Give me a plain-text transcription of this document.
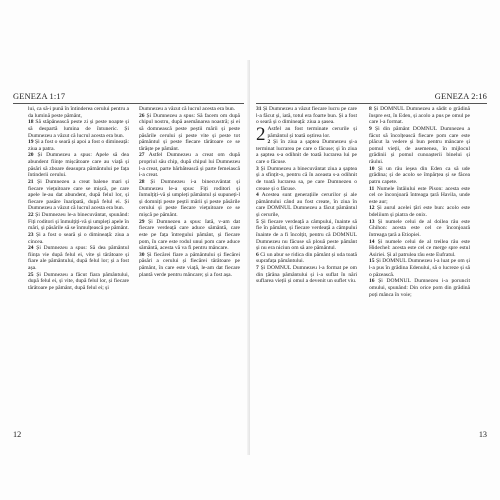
GENEZA 1:17

lui, ca să-i pună în întinderea cerului pentru a da lumină peste pământ,

18 Să stăpânească peste zi și peste noapte și să despartă lumina de întuneric. Și Dumnezeu a văzut că lucrul acesta era bun.

19 Și a fost o seară și apoi a fost o dimineață: ziua a patra.

20 Și Dumnezeu a spus: Apele să dea abundent ființe mișcătoare care au viață și păsări să zboare deasupra pământului pe fața întinderii cerului.

21 Și Dumnezeu a creat balene mari și fiecare viețuitoare care se mișcă, pe care apele le-au dat abundent, după felul lor, și fiecare pasăre înaripată, după felul ei. Și Dumnezeu a văzut că lucrul acesta era bun.

22 Și Dumnezeu le-a binecuvântat, spunând: Fiți roditori și înmulțiți-vă și umpleți apele în mări, și păsările să se înmulțească pe pământ.

23 Și a fost o seară și o dimineață: ziua a cincea.

24 Și Dumnezeu a spus: Să dea pământul ființa vie după felul ei, vite și târâtoare și fiare ale pământului, după felul lor; și a fost așa.

25 Și Dumnezeu a făcut fiara pământului, după felul ei, și vite, după felul lor, și fiecare târâtoare pe pământ, după felul ei; și

Dumnezeu a văzut că lucrul acesta era bun.

26 Și Dumnezeu a spus: Să facem om după chipul nostru, după asemănarea noastră; și ei să domnească peste peștii mării și peste păsările cerului și peste vite și peste tot pământul și peste fiecare târâtoare ce se târăște pe pământ.

27 Astfel Dumnezeu a creat om după propriul său chip, după chipul lui Dumnezeu l-a creat, parte bărbătească și parte femeiască i-a creat.

28 Și Dumnezeu i-a binecuvântat și Dumnezeu le-a spus: Fiți roditori și înmulțiți-vă și umpleți pământul și supuneți-l și domniți peste peștii mării și peste păsările cerului și peste fiecare viețuitoare ce se mișcă pe pământ.

29 Și Dumnezeu a spus: Iată, v-am dat fiecare verdeață care aduce sământă, care este pe fața întregului pământ, și fiecare pom, în care este rodul unui pom care aduce sământă, acesta vă va fi pentru mâncare.

30 Și fiecărei fiare a pământului și fiecărei păsări a cerului și fiecărei târâtoare pe pământ, în care este viață, le-am dat fiecare plantă verde pentru mâncare; și a fost așa.

12
GENEZA 2:16

31 Și Dumnezeu a văzut fiecare lucru pe care l-a făcut și, iată, totul era foarte bun. Și a fost o seară și o dimineață: ziua a șasea.

2 Astfel au fost terminate cerurile și pământul și toată oștirea lor.

2 Și în ziua a șaptea Dumnezeu și-a terminat lucrarea pe care o făcuse; și în ziua a șaptea s-a odihnit de toată lucrarea lui pe care o făcuse.

3 Și Dumnezeu a binecuvântat ziua a șaptea și a sfințit-o, pentru că în aceasta s-a odihnit de toată lucrarea sa, pe care Dumnezeu o crease și o făcuse.

4 Acestea sunt generațiile cerurilor și ale pământului când au fost create, în ziua în care DOMNUL Dumnezeu a făcut pământul și cerurile,

5 Și fiecare verdeață a câmpului, înainte să fie în pământ, și fiecare verdeață a câmpului înainte de a fi încolțit, pentru că DOMNUL Dumnezeu nu făcuse să plouă peste pământ și nu era niciun om să are pământul.

6 Ci un abur se ridica din pământ și uda toată suprafața pământului.

7 Și DOMNUL Dumnezeu l-a format pe om din țărâna pământului și i-a suflat în nări suflarea vieții și omul a devenit un suflet viu.

8 Și DOMNUL Dumnezeu a sădit o grădină înspre est, în Eden, și acolo a pus pe omul pe care l-a format.

9 Și din pământ DOMNUL Dumnezeu a făcut să încolțească fiecare pom care este plăcut la vedere și bun pentru mâncare și pomul vieții, de asemenea, în mijlocul grădinii și pomul cunoașterii binelui și răului.

10 Și un râu ieșea din Eden ca să ude grădina; și de acolo se împărțea și se făcea patru capete.

11 Numele întâiului este Pison: acesta este cel ce înconjoară întreaga țară Havila, unde este aur;

12 Și aurul acelei țări este bun: acolo este bdeliium și piatra de onix.

13 Și numele celui de al doilea râu este Ghihon: acesta este cel ce înconjoară întreaga țară a Etiopiei.

14 Și numele celui de al treilea râu este Hidechel: acesta este cel ce merge spre estul Asiriei. Și al patrulea râu este Eufratul.

15 Și DOMNUL Dumnezeu l-a luat pe om și l-a pus în grădina Edenului, să o lucreze și să o păzească.

16 Și DOMNUL Dumnezeu i-a poruncit omului, spunând: Din orice pom din grădină poți mânca în voie;

13
